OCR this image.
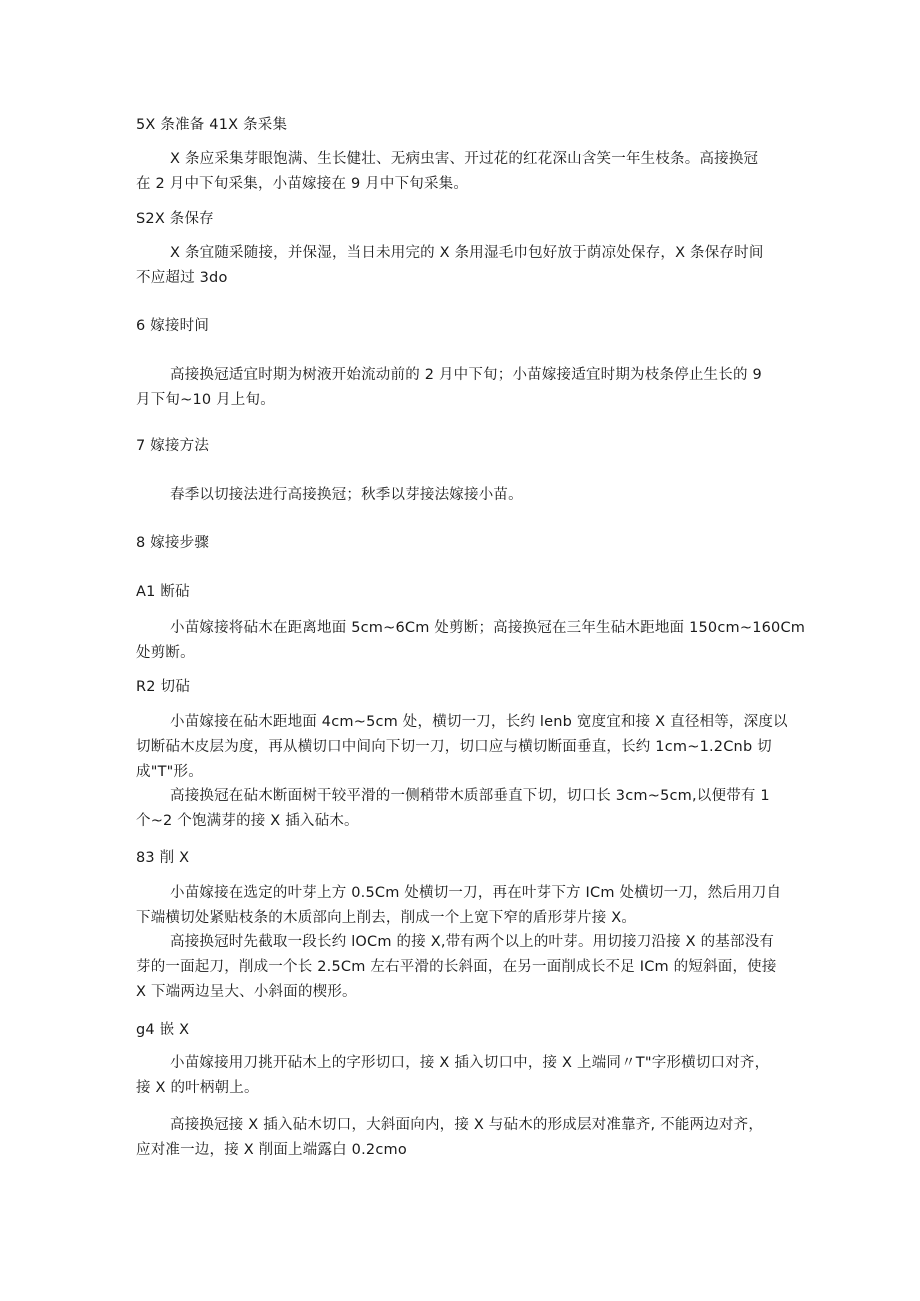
5X 条准备 41X 条采集
X 条应采集芽眼饱满、生长健壮、无病虫害、开过花的红花深山含笑一年生枝条。高接换冠
在 2 月中下旬采集，小苗嫁接在 9 月中下旬采集。
S2X 条保存
X 条宜随采随接，并保湿，当日未用完的 X 条用湿毛巾包好放于荫凉处保存，X 条保存时间
不应超过 3do
6 嫁接时间
高接换冠适宜时期为树液开始流动前的 2 月中下旬；小苗嫁接适宜时期为枝条停止生长的 9
月下旬~10 月上旬。
7 嫁接方法
春季以切接法进行高接换冠；秋季以芽接法嫁接小苗。
8 嫁接步骤
A1 断砧
小苗嫁接将砧木在距离地面 5cm~6Cm 处剪断；高接换冠在三年生砧木距地面 150cm~160Cm
处剪断。
R2 切砧
小苗嫁接在砧木距地面 4cm~5cm 处，横切一刀，长约 lenb 宽度宜和接 X 直径相等，深度以
切断砧木皮层为度，再从横切口中间向下切一刀，切口应与横切断面垂直，长约 1cm~1.2Cnb 切
成"T"形。
高接换冠在砧木断面树干较平滑的一侧稍带木质部垂直下切，切口长 3cm~5cm,以便带有 1
个~2 个饱满芽的接 X 插入砧木。
83 削 X
小苗嫁接在选定的叶芽上方 0.5Cm 处横切一刀，再在叶芽下方 ICm 处横切一刀，然后用刀自
下端横切处紧贴枝条的木质部向上削去，削成一个上宽下窄的盾形芽片接 X。
高接换冠时先截取一段长约 lOCm 的接 X,带有两个以上的叶芽。用切接刀沿接 X 的基部没有
芽的一面起刀，削成一个长 2.5Cm 左右平滑的长斜面，在另一面削成长不足 ICm 的短斜面，使接
X 下端两边呈大、小斜面的楔形。
g4 嵌 X
小苗嫁接用刀挑开砧木上的字形切口，接 X 插入切口中，接 X 上端同〃T"字形横切口对齐，
接 X 的叶柄朝上。
高接换冠接 X 插入砧木切口，大斜面向内，接 X 与砧木的形成层对准靠齐, 不能两边对齐，
应对准一边，接 X 削面上端露白 0.2cmo
